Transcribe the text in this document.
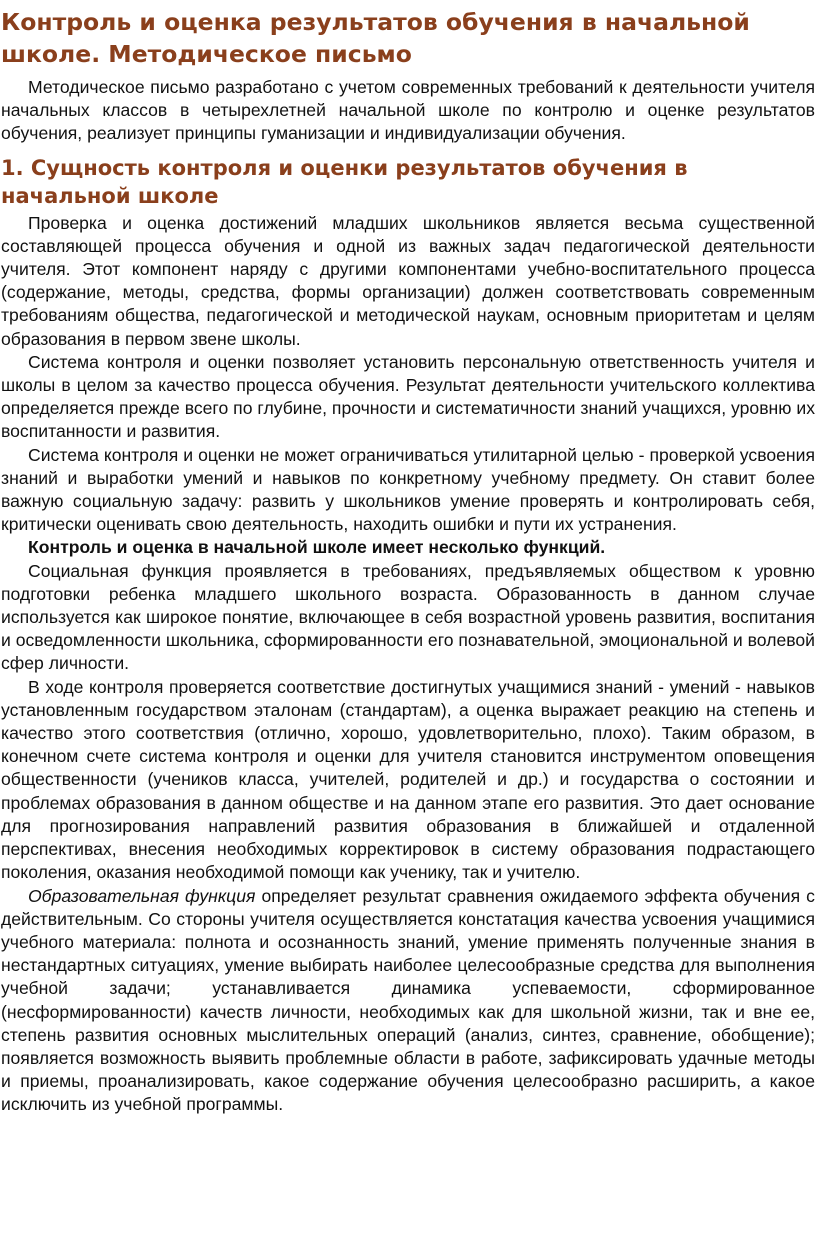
Контроль и оценка результатов обучения в начальной школе. Методическое письмо

Методическое письмо разработано с учетом современных требований к деятельности учителя начальных классов в четырехлетней начальной школе по контролю и оценке результатов обучения, реализует принципы гуманизации и индивидуализации обучения.

1. Сущность контроля и оценки результатов обучения в начальной школе

Проверка и оценка достижений младших школьников является весьма существенной составляющей процесса обучения и одной из важных задач педагогической деятельности учителя. Этот компонент наряду с другими компонентами учебно-воспитательного процесса (содержание, методы, средства, формы организации) должен соответствовать современным требованиям общества, педагогической и методической наукам, основным приоритетам и целям образования в первом звене школы.

Система контроля и оценки позволяет установить персональную ответственность учителя и школы в целом за качество процесса обучения. Результат деятельности учительского коллектива определяется прежде всего по глубине, прочности и систематичности знаний учащихся, уровню их воспитанности и развития.

Система контроля и оценки не может ограничиваться утилитарной целью - проверкой усвоения знаний и выработки умений и навыков по конкретному учебному предмету. Он ставит более важную социальную задачу: развить у школьников умение проверять и контролировать себя, критически оценивать свою деятельность, находить ошибки и пути их устранения.

Контроль и оценка в начальной школе имеет несколько функций.

Социальная функция проявляется в требованиях, предъявляемых обществом к уровню подготовки ребенка младшего школьного возраста. Образованность в данном случае используется как широкое понятие, включающее в себя возрастной уровень развития, воспитания и осведомленности школьника, сформированности его познавательной, эмоциональной и волевой сфер личности.

В ходе контроля проверяется соответствие достигнутых учащимися знаний - умений - навыков установленным государством эталонам (стандартам), а оценка выражает реакцию на степень и качество этого соответствия (отлично, хорошо, удовлетворительно, плохо). Таким образом, в конечном счете система контроля и оценки для учителя становится инструментом оповещения общественности (учеников класса, учителей, родителей и др.) и государства о состоянии и проблемах образования в данном обществе и на данном этапе его развития. Это дает основание для прогнозирования направлений развития образования в ближайшей и отдаленной перспективах, внесения необходимых корректировок в систему образования подрастающего поколения, оказания необходимой помощи как ученику, так и учителю.

Образовательная функция определяет результат сравнения ожидаемого эффекта обучения с действительным. Со стороны учителя осуществляется констатация качества усвоения учащимися учебного материала: полнота и осознанность знаний, умение применять полученные знания в нестандартных ситуациях, умение выбирать наиболее целесообразные средства для выполнения учебной задачи; устанавливается динамика успеваемости, сформированное (несформированности) качеств личности, необходимых как для школьной жизни, так и вне ее, степень развития основных мыслительных операций (анализ, синтез, сравнение, обобщение); появляется возможность выявить проблемные области в работе, зафиксировать удачные методы и приемы, проанализировать, какое содержание обучения целесообразно расширить, а какое исключить из учебной программы.
